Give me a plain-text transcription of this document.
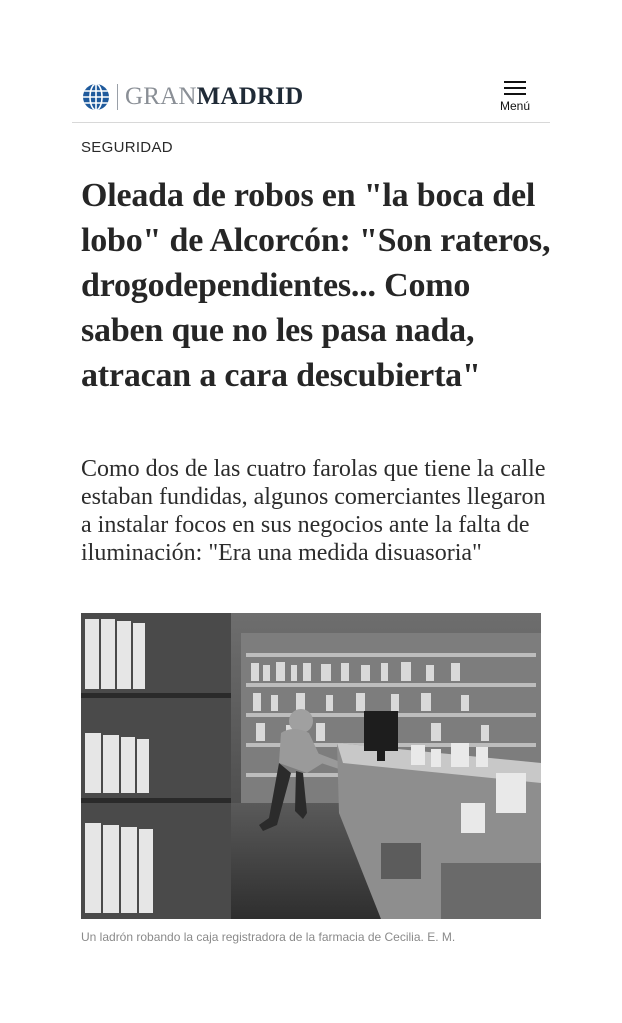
GRANMADRID	Menú
SEGURIDAD
Oleada de robos en "la boca del lobo" de Alcorcón: "Son rateros, drogodependientes... Como saben que no les pasa nada, atracan a cara descubierta"

Como dos de las cuatro farolas que tiene la calle estaban fundidas, algunos comerciantes llegaron a instalar focos en sus negocios ante la falta de iluminación: "Era una medida disuasoria"

Un ladrón robando la caja registradora de la farmacia de Cecilia. E. M.
